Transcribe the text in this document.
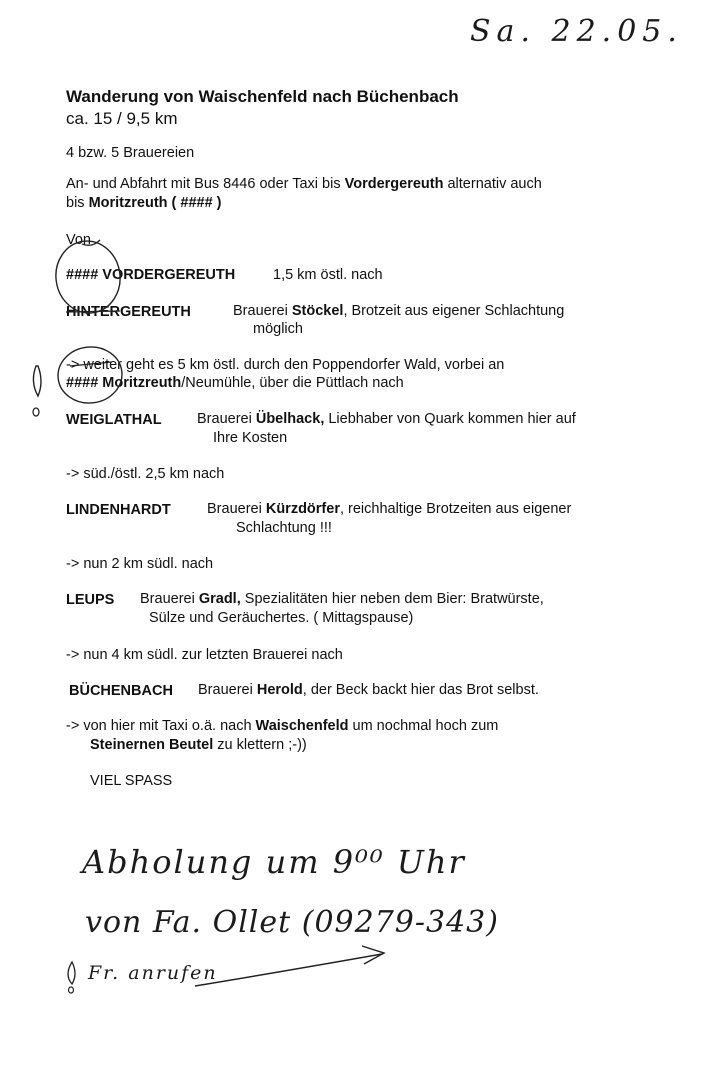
Sa. 22.05.
Wanderung von Waischenfeld nach Büchenbach
ca. 15 / 9,5 km
4 bzw. 5 Brauereien
An- und Abfahrt mit Bus 8446 oder Taxi bis Vordergereuth alternativ auch
bis Moritzreuth ( #### )
Von
#### VORDERGEREUTH	1,5 km östl. nach
HINTERGEREUTH	Brauerei Stöckel, Brotzeit aus eigener Schlachtung
möglich
-> weiter geht es 5 km östl. durch den Poppendorfer Wald, vorbei an
#### Moritzreuth/Neumühle, über die Püttlach nach
WEIGLATHAL Brauerei Übelhack, Liebhaber von Quark kommen hier auf
Ihre Kosten
-> süd./östl. 2,5 km nach
LINDENHARDT	Brauerei Kürzdörfer, reichhaltige Brotzeiten aus eigener
Schlachtung !!!
-> nun 2 km südl. nach
LEUPS Brauerei Gradl, Spezialitäten hier neben dem Bier: Bratwürste,
Sülze und Geräuchertes. ( Mittagspause)
-> nun 4 km südl. zur letzten Brauerei nach
BÜCHENBACH Brauerei Herold, der Beck backt hier das Brot selbst.
-> von hier mit Taxi o.ä. nach Waischenfeld um nochmal hoch zum
Steinernen Beutel zu klettern ;-))
VIEL SPASS
Abholung um 9⁰⁰ Uhr
von Fa. Ollet (09279-343)
Fr. anrufen
